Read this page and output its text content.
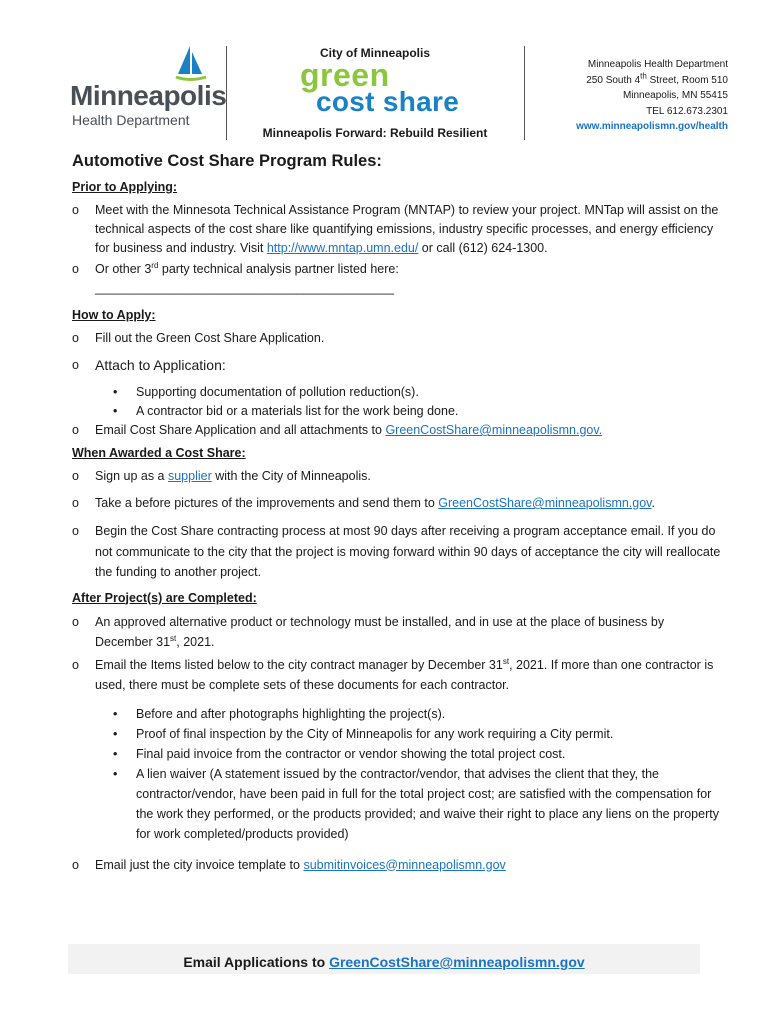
Minneapolis
Health Department
City of Minneapolis
green
cost share
Minneapolis Forward: Rebuild Resilient
Minneapolis Health Department
250 South 4th Street, Room 510
Minneapolis, MN 55415
TEL 612.673.2301
www.minneapolismn.gov/health
Automotive Cost Share Program Rules:
Prior to Applying:
o Meet with the Minnesota Technical Assistance Program (MNTAP) to review your project. MNTap will assist on the technical aspects of the cost share like quantifying emissions, industry specific processes, and energy efficiency for business and industry. Visit http://www.mntap.umn.edu/ or call (612) 624-1300.
o Or other 3rd party technical analysis partner listed here:
___________________________________________
How to Apply:
o Fill out the Green Cost Share Application.
o Attach to Application:
• Supporting documentation of pollution reduction(s).
• A contractor bid or a materials list for the work being done.
o Email Cost Share Application and all attachments to GreenCostShare@minneapolismn.gov.
When Awarded a Cost Share:
o Sign up as a supplier with the City of Minneapolis.
o Take a before pictures of the improvements and send them to GreenCostShare@minneapolismn.gov.
o Begin the Cost Share contracting process at most 90 days after receiving a program acceptance email. If you do not communicate to the city that the project is moving forward within 90 days of acceptance the city will reallocate the funding to another project.
After Project(s) are Completed:
o An approved alternative product or technology must be installed, and in use at the place of business by December 31st, 2021.
o Email the Items listed below to the city contract manager by December 31st, 2021. If more than one contractor is used, there must be complete sets of these documents for each contractor.
• Before and after photographs highlighting the project(s).
• Proof of final inspection by the City of Minneapolis for any work requiring a City permit.
• Final paid invoice from the contractor or vendor showing the total project cost.
• A lien waiver (A statement issued by the contractor/vendor, that advises the client that they, the contractor/vendor, have been paid in full for the total project cost; are satisfied with the compensation for the work they performed, or the products provided; and waive their right to place any liens on the property for work completed/products provided)
o Email just the city invoice template to submitinvoices@minneapolismn.gov
Email Applications to GreenCostShare@minneapolismn.gov
